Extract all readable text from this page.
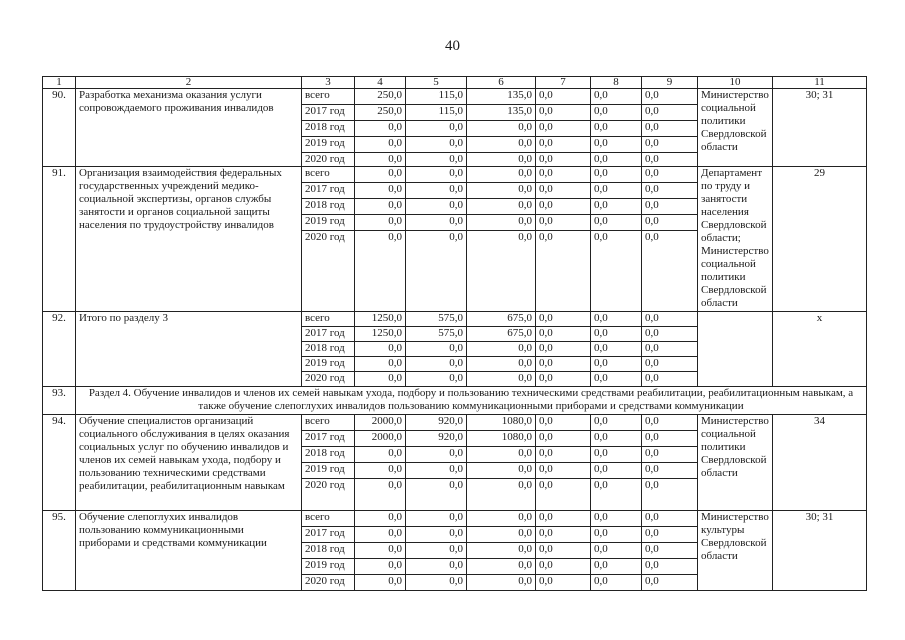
40
1	2	3	4	5	6	7	8	9	10	11
90.	Разработка механизма оказания услуги сопровождаемого проживания инвалидов	всего	250,0	115,0	135,0	0,0	0,0	0,0	Министерство социальной политики Свердловской области	30; 31
		2017 год	250,0	115,0	135,0	0,0	0,0	0,0		
		2018 год	0,0	0,0	0,0	0,0	0,0	0,0		
		2019 год	0,0	0,0	0,0	0,0	0,0	0,0		
		2020 год	0,0	0,0	0,0	0,0	0,0	0,0		
91.	Организация взаимодействия федеральных государственных учреждений медико-социальной экспертизы, органов службы занятости и органов социальной защиты населения по трудоустройству инвалидов	всего	0,0	0,0	0,0	0,0	0,0	0,0	Департамент по труду и занятости населения Свердловской области; Министерство социальной политики Свердловской области	29
		2017 год	0,0	0,0	0,0	0,0	0,0	0,0		
		2018 год	0,0	0,0	0,0	0,0	0,0	0,0		
		2019 год	0,0	0,0	0,0	0,0	0,0	0,0		
		2020 год	0,0	0,0	0,0	0,0	0,0	0,0		
92.	Итого по разделу 3	всего	1250,0	575,0	675,0	0,0	0,0	0,0		x
		2017 год	1250,0	575,0	675,0	0,0	0,0	0,0		
		2018 год	0,0	0,0	0,0	0,0	0,0	0,0		
		2019 год	0,0	0,0	0,0	0,0	0,0	0,0		
		2020 год	0,0	0,0	0,0	0,0	0,0	0,0		
93.	Раздел 4. Обучение инвалидов и членов их семей навыкам ухода, подбору и пользованию техническими средствами реабилитации, реабилитационным навыкам, а также обучение слепоглухих инвалидов пользованию коммуникационными приборами и средствами коммуникации									
94.	Обучение специалистов организаций социального обслуживания в целях оказания социальных услуг по обучению инвалидов и членов их семей навыкам ухода, подбору и пользованию техническими средствами реабилитации, реабилитационным навыкам	всего	2000,0	920,0	1080,0	0,0	0,0	0,0	Министерство социальной политики Свердловской области	34
		2017 год	2000,0	920,0	1080,0	0,0	0,0	0,0		
		2018 год	0,0	0,0	0,0	0,0	0,0	0,0		
		2019 год	0,0	0,0	0,0	0,0	0,0	0,0		
		2020 год	0,0	0,0	0,0	0,0	0,0	0,0		
95.	Обучение слепоглухих инвалидов пользованию коммуникационными приборами и средствами коммуникации	всего	0,0	0,0	0,0	0,0	0,0	0,0	Министерство культуры Свердловской области	30; 31
		2017 год	0,0	0,0	0,0	0,0	0,0	0,0		
		2018 год	0,0	0,0	0,0	0,0	0,0	0,0		
		2019 год	0,0	0,0	0,0	0,0	0,0	0,0		
		2020 год	0,0	0,0	0,0	0,0	0,0	0,0		
